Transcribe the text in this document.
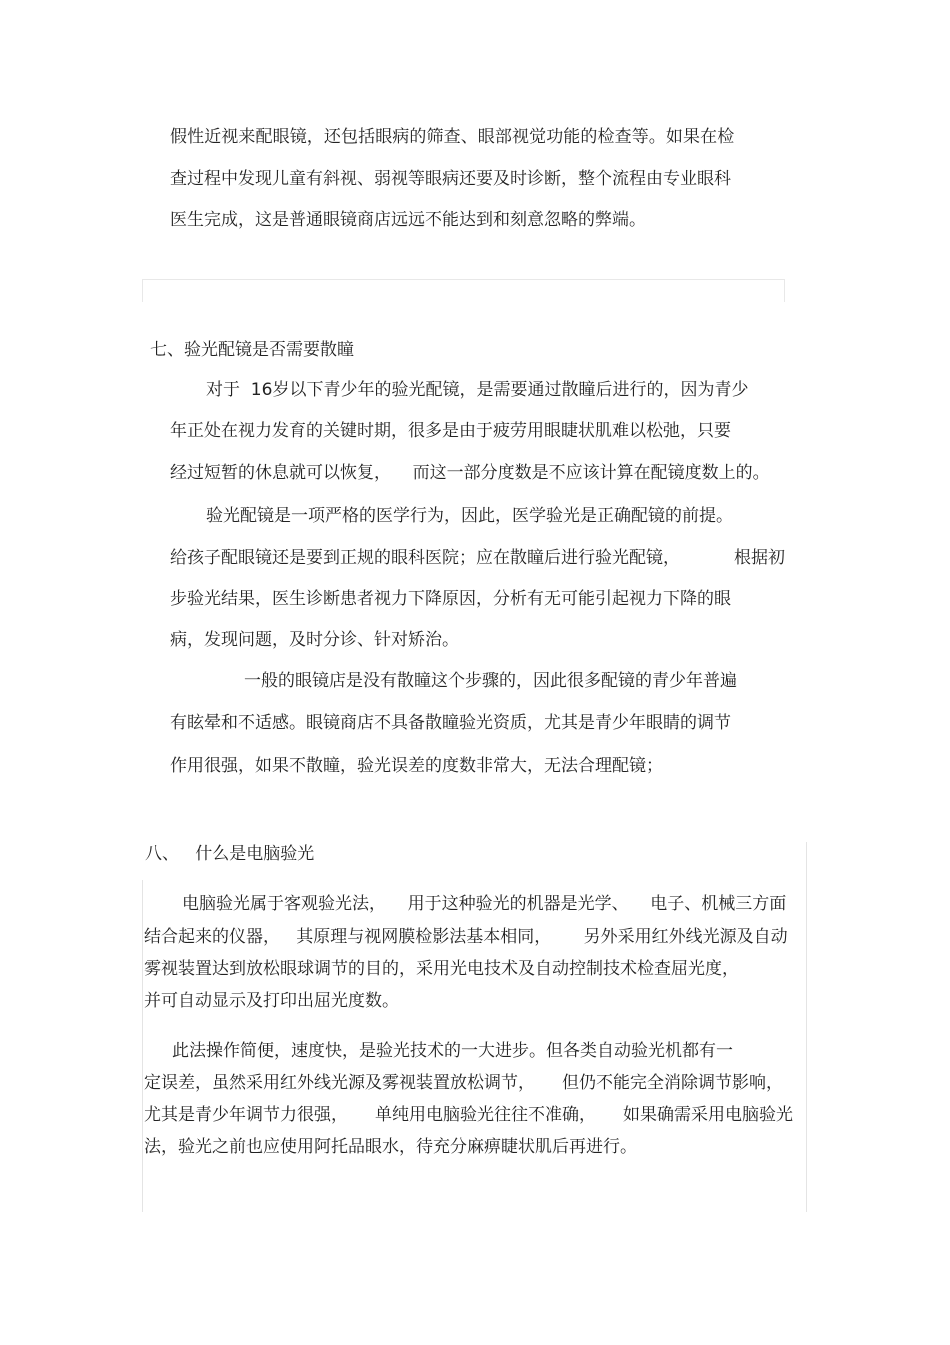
假性近视来配眼镜，还包括眼病的筛查、眼部视觉功能的检查等。如果在检
查过程中发现儿童有斜视、弱视等眼病还要及时诊断，整个流程由专业眼科
医生完成，这是普通眼镜商店远远不能达到和刻意忽略的弊端。
七、验光配镜是否需要散瞳
对于  16岁以下青少年的验光配镜，是需要通过散瞳后进行的，因为青少
年正处在视力发育的关键时期，很多是由于疲劳用眼睫状肌难以松弛，只要
经过短暂的休息就可以恢复，    而这一部分度数是不应该计算在配镜度数上的。
验光配镜是一项严格的医学行为，因此，医学验光是正确配镜的前提。
给孩子配眼镜还是要到正规的眼科医院；应在散瞳后进行验光配镜，          根据初
步验光结果，医生诊断患者视力下降原因，分析有无可能引起视力下降的眼
病，发现问题，及时分诊、针对矫治。
一般的眼镜店是没有散瞳这个步骤的，因此很多配镜的青少年普遍
有眩晕和不适感。眼镜商店不具备散瞳验光资质，尤其是青少年眼睛的调节
作用很强，如果不散瞳，验光误差的度数非常大，无法合理配镜；
八、   什么是电脑验光
电脑验光属于客观验光法，    用于这种验光的机器是光学、    电子、机械三方面
结合起来的仪器，   其原理与视网膜检影法基本相同，      另外采用红外线光源及自动
雾视装置达到放松眼球调节的目的，采用光电技术及自动控制技术检查屈光度，
并可自动显示及打印出屈光度数。
此法操作简便，速度快，是验光技术的一大进步。但各类自动验光机都有一
定误差，虽然采用红外线光源及雾视装置放松调节，     但仍不能完全消除调节影响，
尤其是青少年调节力很强，     单纯用电脑验光往往不准确，     如果确需采用电脑验光
法，验光之前也应使用阿托品眼水，待充分麻痹睫状肌后再进行。
